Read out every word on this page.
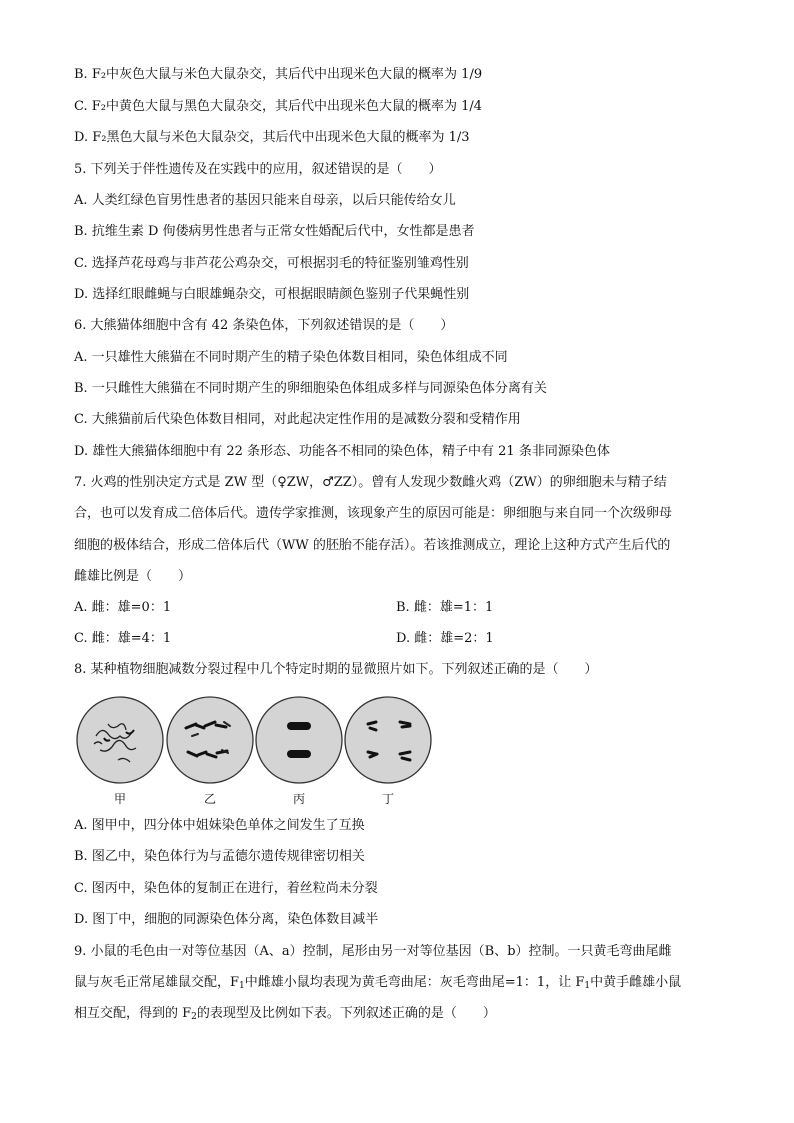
B. F₂中灰色大鼠与米色大鼠杂交，其后代中出现米色大鼠的概率为 1/9
C. F₂中黄色大鼠与黑色大鼠杂交，其后代中出现米色大鼠的概率为 1/4
D. F₂黑色大鼠与米色大鼠杂交，其后代中出现米色大鼠的概率为 1/3
5. 下列关于伴性遗传及在实践中的应用，叙述错误的是（　　）
A. 人类红绿色盲男性患者的基因只能来自母亲，以后只能传给女儿
B. 抗维生素 D 佝偻病男性患者与正常女性婚配后代中，女性都是患者
C. 选择芦花母鸡与非芦花公鸡杂交，可根据羽毛的特征鉴别雏鸡性别
D. 选择红眼雌蝇与白眼雄蝇杂交，可根据眼睛颜色鉴别子代果蝇性别
6. 大熊猫体细胞中含有 42 条染色体，下列叙述错误的是（　　）
A. 一只雄性大熊猫在不同时期产生的精子染色体数目相同，染色体组成不同
B. 一只雌性大熊猫在不同时期产生的卵细胞染色体组成多样与同源染色体分离有关
C. 大熊猫前后代染色体数目相同，对此起决定性作用的是减数分裂和受精作用
D. 雄性大熊猫体细胞中有 22 条形态、功能各不相同的染色体，精子中有 21 条非同源染色体
7. 火鸡的性别决定方式是 ZW 型（♀ZW，♂ZZ）。曾有人发现少数雌火鸡（ZW）的卵细胞未与精子结
合，也可以发育成二倍体后代。遗传学家推测，该现象产生的原因可能是：卵细胞与来自同一个次级卵母
细胞的极体结合，形成二倍体后代（WW 的胚胎不能存活）。若该推测成立，理论上这种方式产生后代的
雌雄比例是（　　）
A. 雌：雄=0：1	B. 雌：雄=1：1
C. 雌：雄=4：1	D. 雌：雄=2：1
8. 某种植物细胞减数分裂过程中几个特定时期的显微照片如下。下列叙述正确的是（　　）
甲	乙	丙	丁
A. 图甲中，四分体中姐妹染色单体之间发生了互换
B. 图乙中，染色体行为与孟德尔遗传规律密切相关
C. 图丙中，染色体的复制正在进行，着丝粒尚未分裂
D. 图丁中，细胞的同源染色体分离，染色体数目减半
9. 小鼠的毛色由一对等位基因（A、a）控制，尾形由另一对等位基因（B、b）控制。一只黄毛弯曲尾雌
鼠与灰毛正常尾雄鼠交配，$F_1$中雌雄小鼠均表现为黄毛弯曲尾：灰毛弯曲尾=1：1，让 $F_1$中黄手雌雄小鼠
相互交配，得到的 $F_2$的表现型及比例如下表。下列叙述正确的是（　　）
